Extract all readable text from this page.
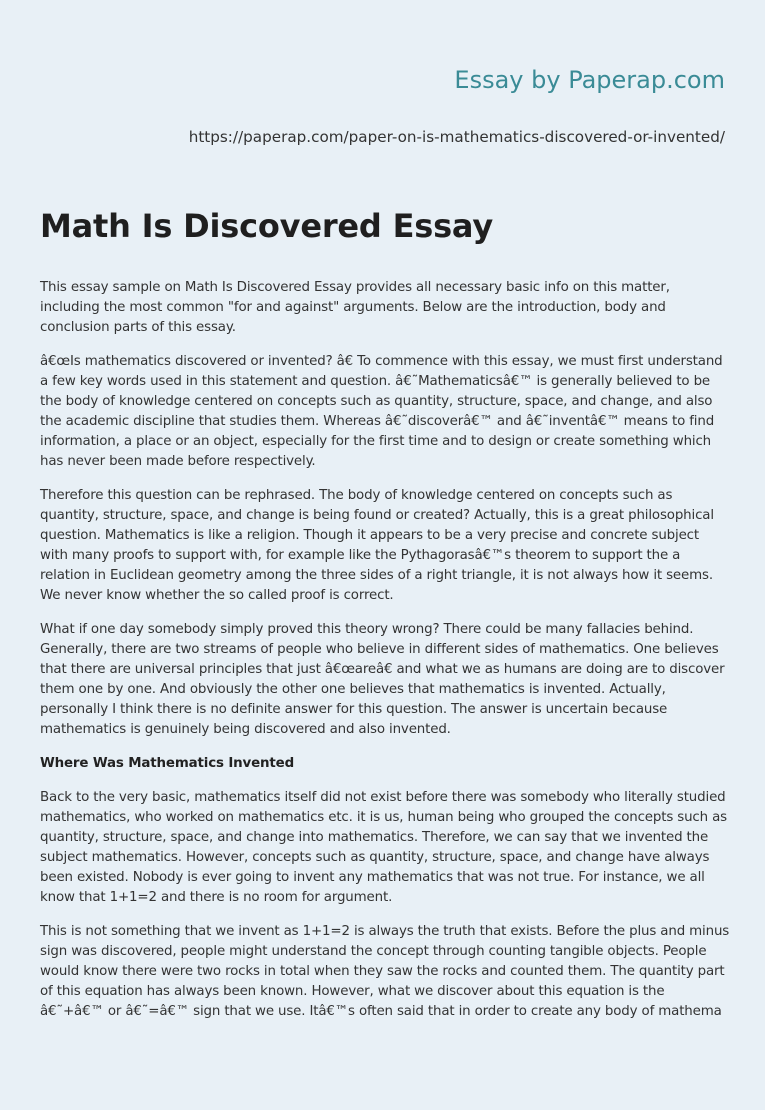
Essay by Paperap.com
https://paperap.com/paper-on-is-mathematics-discovered-or-invented/
Math Is Discovered Essay

This essay sample on Math Is Discovered Essay provides all necessary basic info on this matter, including the most common "for and against" arguments. Below are the introduction, body and conclusion parts of this essay.

â€œIs mathematics discovered or invented? â€ To commence with this essay, we must first understand a few key words used in this statement and question. â€˜Mathematicsâ€™ is generally believed to be the body of knowledge centered on concepts such as quantity, structure, space, and change, and also the academic discipline that studies them. Whereas â€˜discoverâ€™ and â€˜inventâ€™ means to find information, a place or an object, especially for the first time and to design or create something which has never been made before respectively.

Therefore this question can be rephrased. The body of knowledge centered on concepts such as quantity, structure, space, and change is being found or created? Actually, this is a great philosophical question. Mathematics is like a religion. Though it appears to be a very precise and concrete subject with many proofs to support with, for example like the Pythagorasâ€™s theorem to support the a relation in Euclidean geometry among the three sides of a right triangle, it is not always how it seems. We never know whether the so called proof is correct.

What if one day somebody simply proved this theory wrong? There could be many fallacies behind. Generally, there are two streams of people who believe in different sides of mathematics. One believes that there are universal principles that just â€œareâ€ and what we as humans are doing are to discover them one by one. And obviously the other one believes that mathematics is invented. Actually, personally I think there is no definite answer for this question. The answer is uncertain because mathematics is genuinely being discovered and also invented.

Where Was Mathematics Invented

Back to the very basic, mathematics itself did not exist before there was somebody who literally studied mathematics, who worked on mathematics etc. it is us, human being who grouped the concepts such as quantity, structure, space, and change into mathematics. Therefore, we can say that we invented the subject mathematics. However, concepts such as quantity, structure, space, and change have always been existed. Nobody is ever going to invent any mathematics that was not true. For instance, we all know that 1+1=2 and there is no room for argument.

This is not something that we invent as 1+1=2 is always the truth that exists. Before the plus and minus sign was discovered, people might understand the concept through counting tangible objects. People would know there were two rocks in total when they saw the rocks and counted them. The quantity part of this equation has always been known. However, what we discover about this equation is the â€˜+â€™ or â€˜=â€™ sign that we use. Itâ€™s often said that in order to create any body of mathema
